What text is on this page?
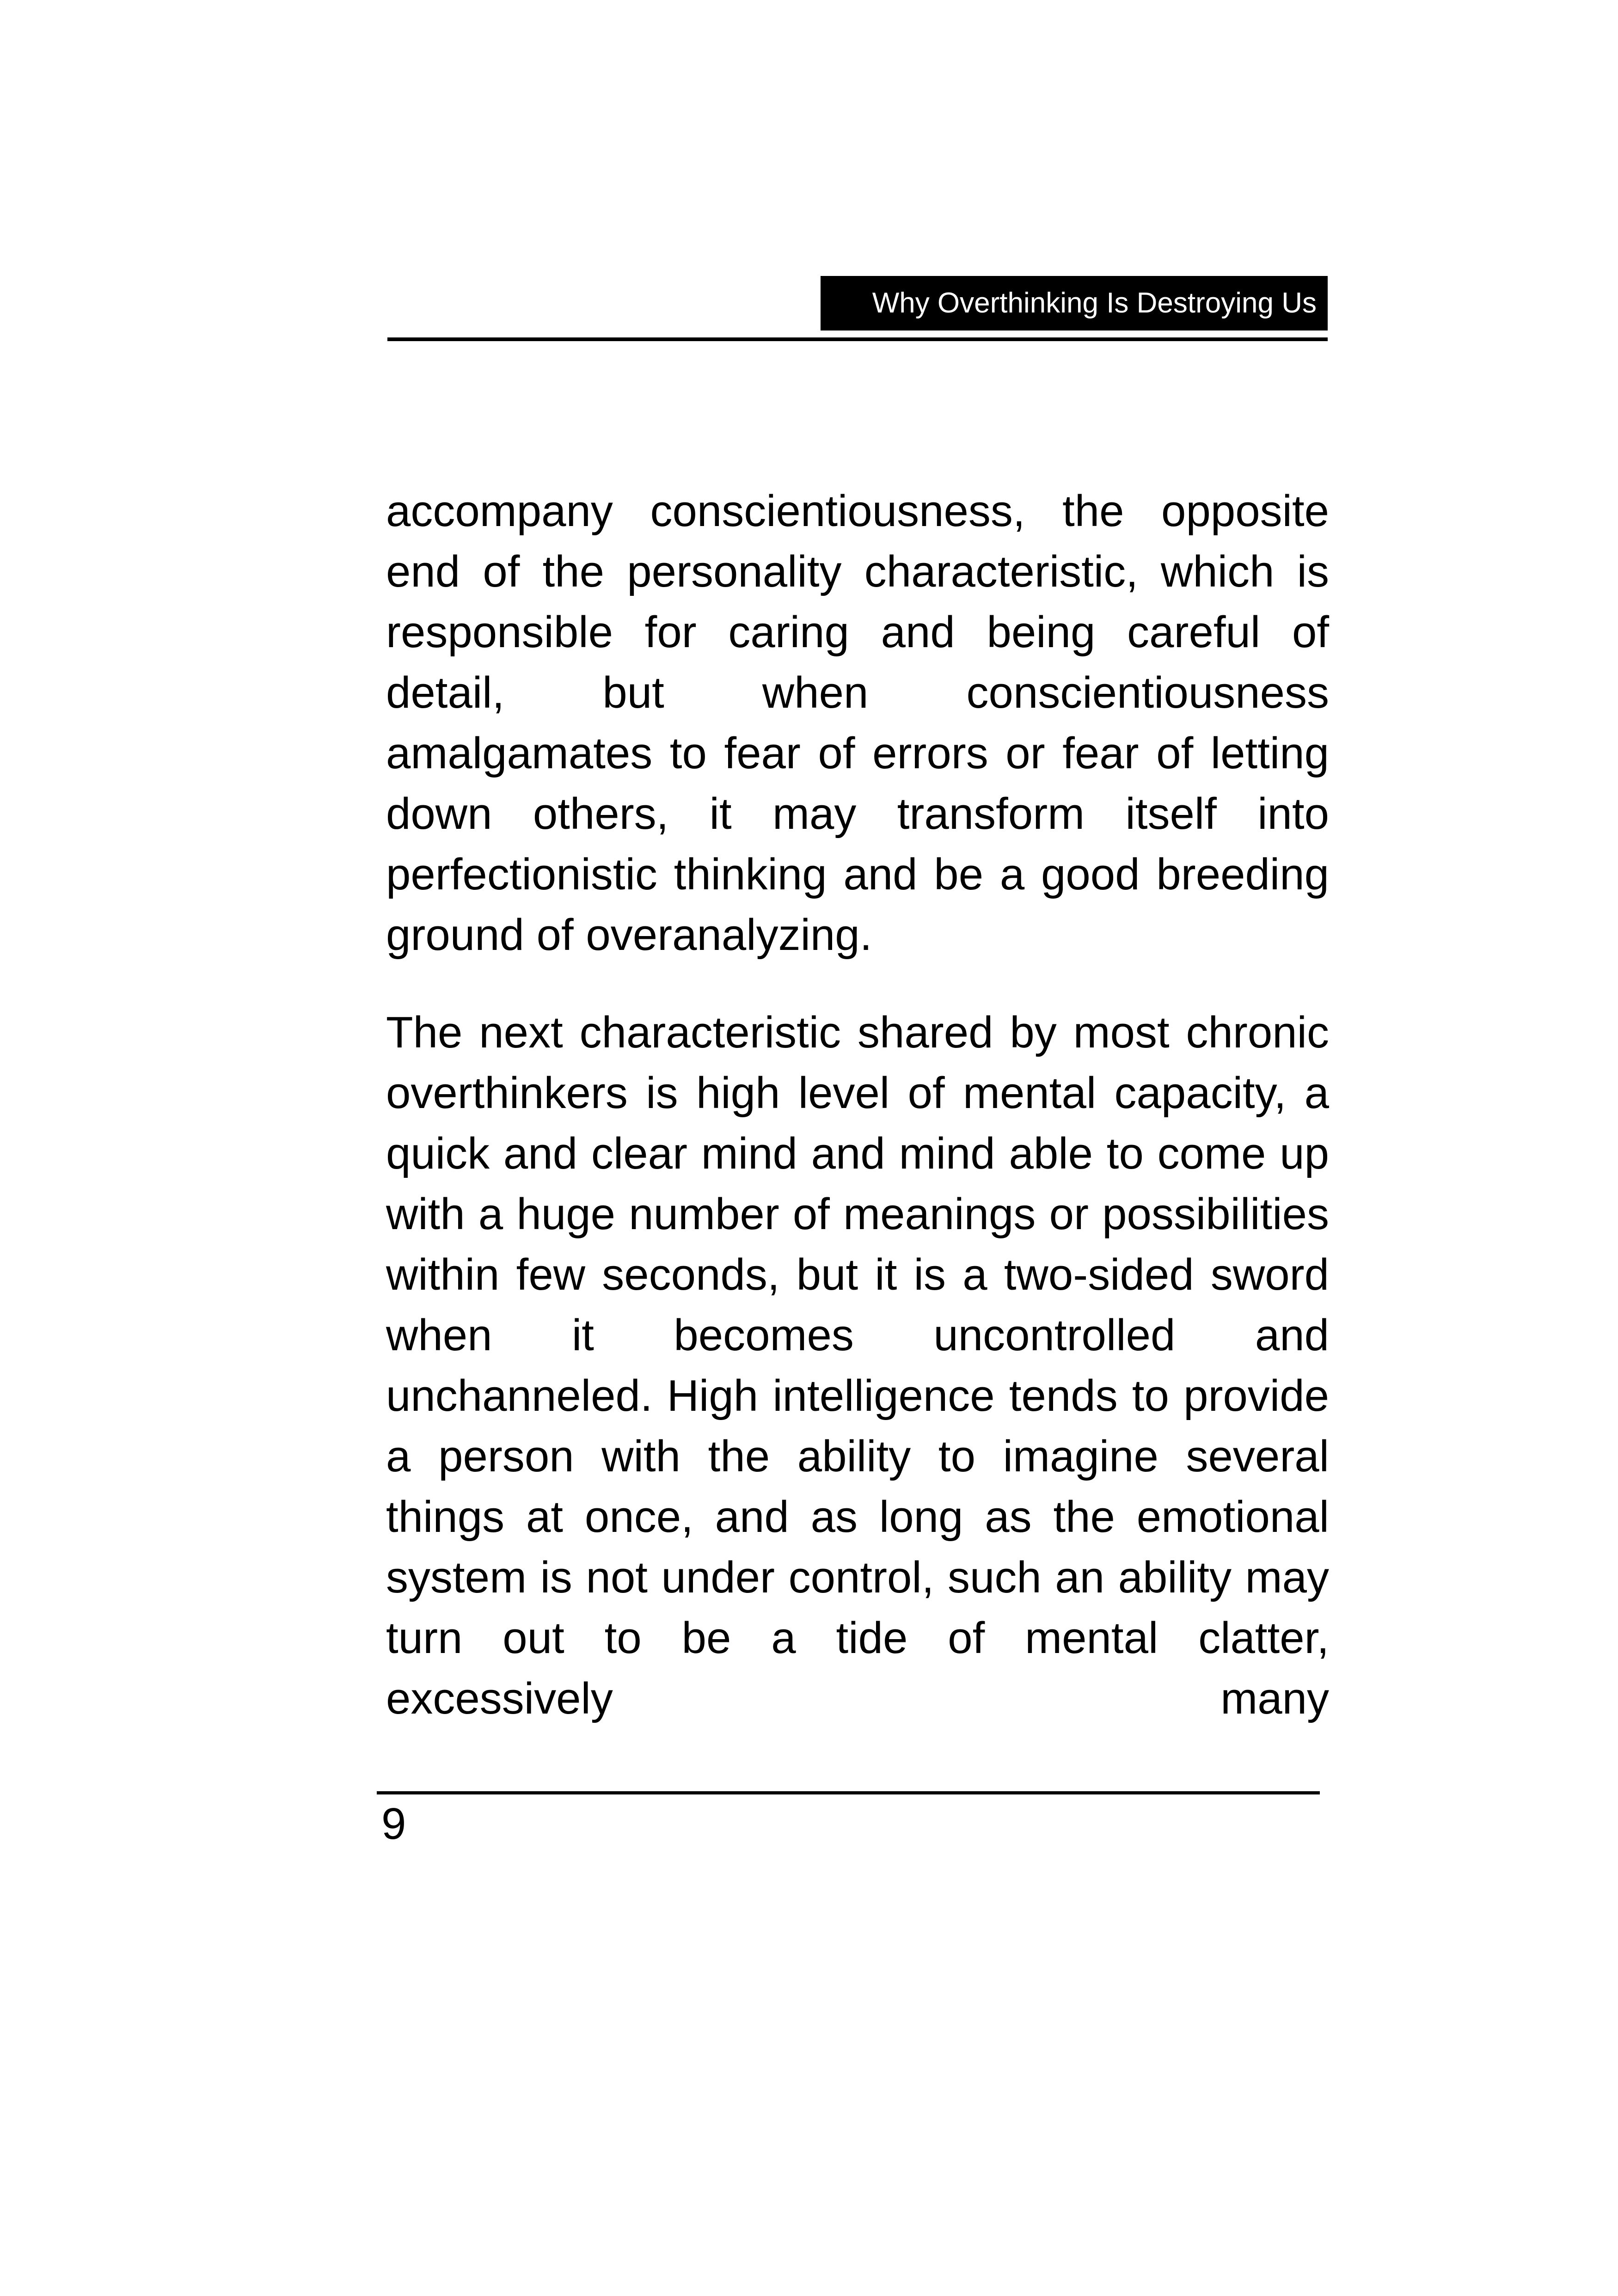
Why Overthinking Is Destroying Us

accompany conscientiousness, the opposite end of the personality characteristic, which is responsible for caring and being careful of detail, but when conscientiousness amalgamates to fear of errors or fear of letting down others, it may transform itself into perfectionistic thinking and be a good breeding ground of overanalyzing.

The next characteristic shared by most chronic overthinkers is high level of mental capacity, a quick and clear mind and mind able to come up with a huge number of meanings or possibilities within few seconds, but it is a two-sided sword when it becomes uncontrolled and unchanneled. High intelligence tends to provide a person with the ability to imagine several things at once, and as long as the emotional system is not under control, such an ability may turn out to be a tide of mental clatter, excessively many

9
